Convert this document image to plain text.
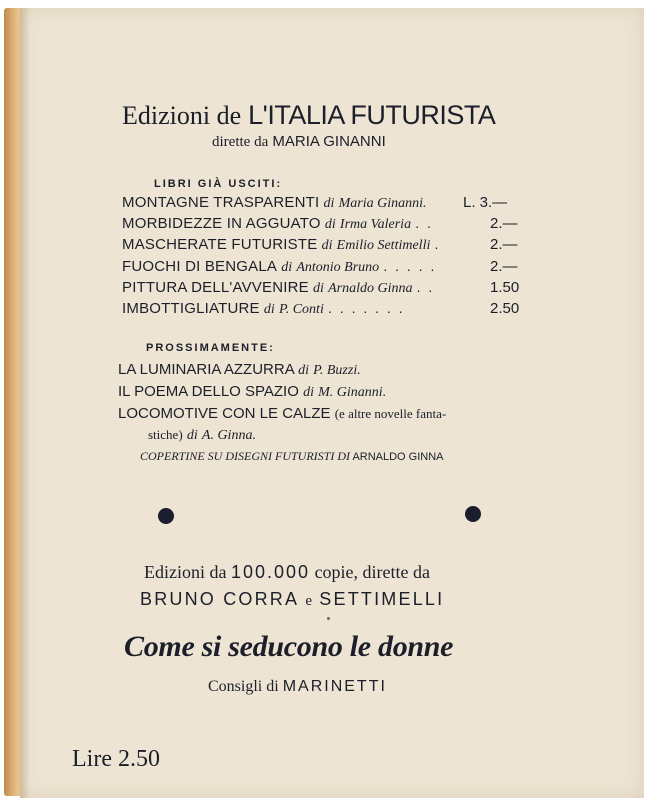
Edizioni de L'ITALIA FUTURISTA
dirette da MARIA GINANNI
LIBRI GIÀ USCITI:
MONTAGNE TRASPARENTI di Maria Ginanni. L. 3.—
MORBIDEZZE IN AGGUATO di Irma Valeria . .	2.—
MASCHERATE FUTURISTE di Emilio Settimelli .	2.—
FUOCHI DI BENGALA di Antonio Bruno . . . . .	2.—
PITTURA DELL'AVVENIRE di Arnaldo Ginna . .	1.50
IMBOTTIGLIATURE di P. Conti . . . . . . .	2.50
PROSSIMAMENTE:
LA LUMINARIA AZZURRA di P. Buzzi.
IL POEMA DELLO SPAZIO di M. Ginanni.
LOCOMOTIVE CON LE CALZE (e altre novelle fanta-
stiche) di A. Ginna.
COPERTINE SU DISEGNI FUTURISTI DI ARNALDO GINNA
Edizioni da 100.000 copie, dirette da
BRUNO CORRA e SETTIMELLI
Come si seducono le donne
Consigli di MARINETTI
Lire 2.50
